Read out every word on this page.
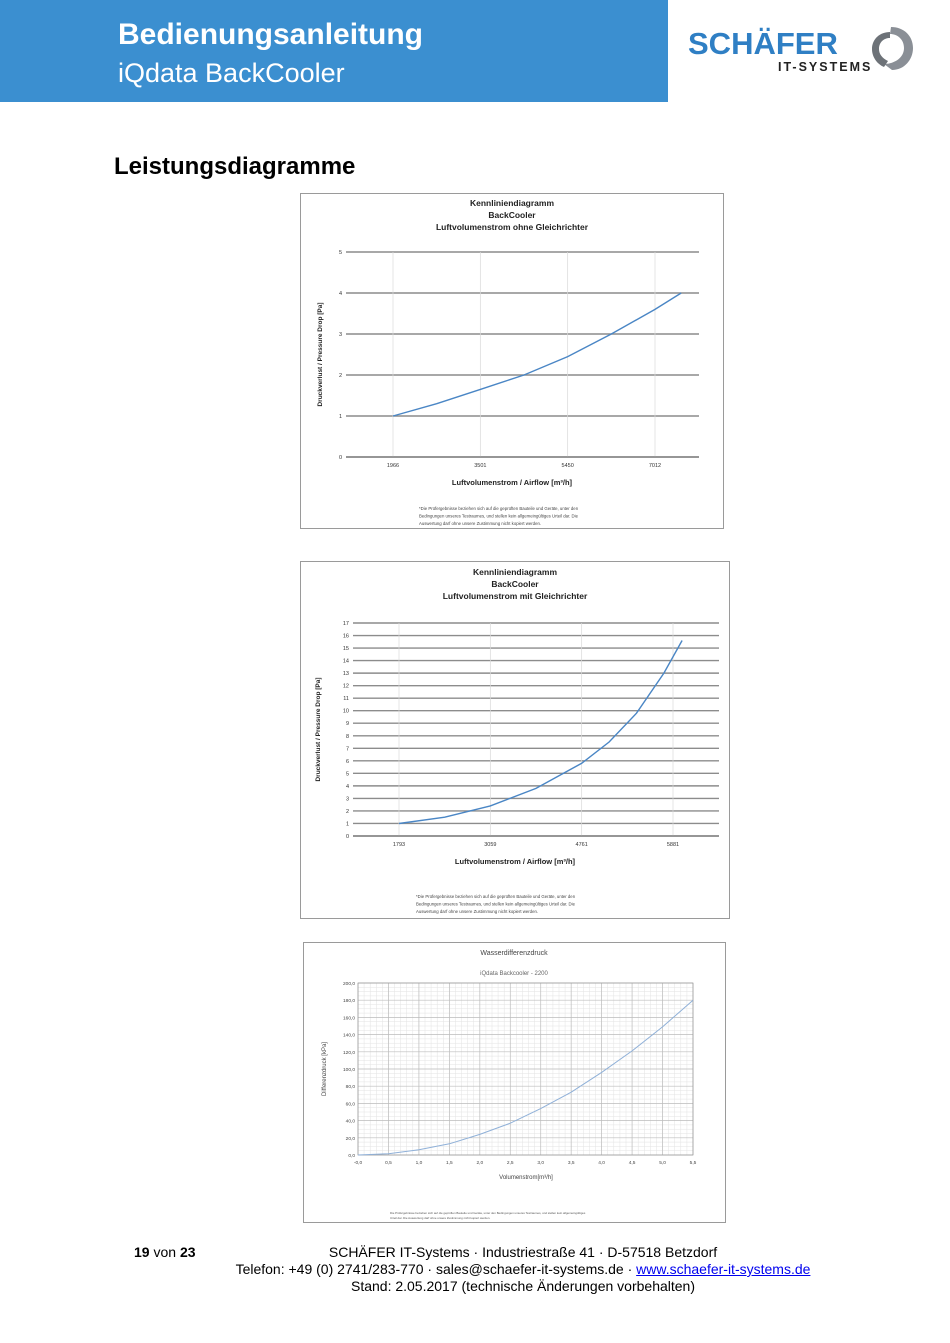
Bedienungsanleitung
iQdata BackCooler
SCHÄFER
IT-SYSTEMS
Leistungsdiagramme
Kennliniendiagramm
BackCooler
Luftvolumenstrom ohne Gleichrichter
0
1
2
3
4
5
1966	3501	5450	7012
Luftvolumenstrom / Airflow [m³/h]
Druckverlust / Pressure Drop [Pa]
*Die Prüfergebnisse beziehen sich auf die geprüften Bauteile und Geräte, unter den
Bedingungen unseres Testraumes, und stellen kein allgemeingültiges Urteil dar. Die
Auswertung darf ohne unsere Zustimmung nicht kopiert werden.
Kennliniendiagramm
BackCooler
Luftvolumenstrom mit Gleichrichter
0
1
2
3
4
5
6
7
8
9
10
11
12
13
14
15
16
17
1793	3059	4761	5881
Luftvolumenstrom / Airflow [m³/h]
Druckverlust / Pressure Drop [Pa]
*Die Prüfergebnisse beziehen sich auf die geprüften Bauteile und Geräte, unter den
Bedingungen unseres Testraumes, und stellen kein allgemeingültiges Urteil dar. Die
Auswertung darf ohne unsere Zustimmung nicht kopiert werden.
Wasserdifferenzdruck
iQdata Backcooler - 2200
0,0
20,0
40,0
60,0
80,0
100,0
120,0
140,0
160,0
180,0
200,0
-0,0	0,5	1,0	1,5	2,0	2,5	3,0	3,5	4,0	4,5	5,0	5,5
Volumenstrom[m³/h]
Differenzdruck [kPa]
Die Prüfergebnisse beziehen sich auf die geprüften Bauteile und Geräte, unter den Bedingungen unseres Testraumes, und stellen kein allgemeingültiges
Urteil dar. Die Auswertung darf ohne unsere Zustimmung nicht kopiert werden.
19 von 23	SCHÄFER IT-Systems · Industriestraße 41 · D-57518 Betzdorf
Telefon: +49 (0) 2741/283-770 · sales@schaefer-it-systems.de · www.schaefer-it-systems.de
Stand: 2.05.2017 (technische Änderungen vorbehalten)
